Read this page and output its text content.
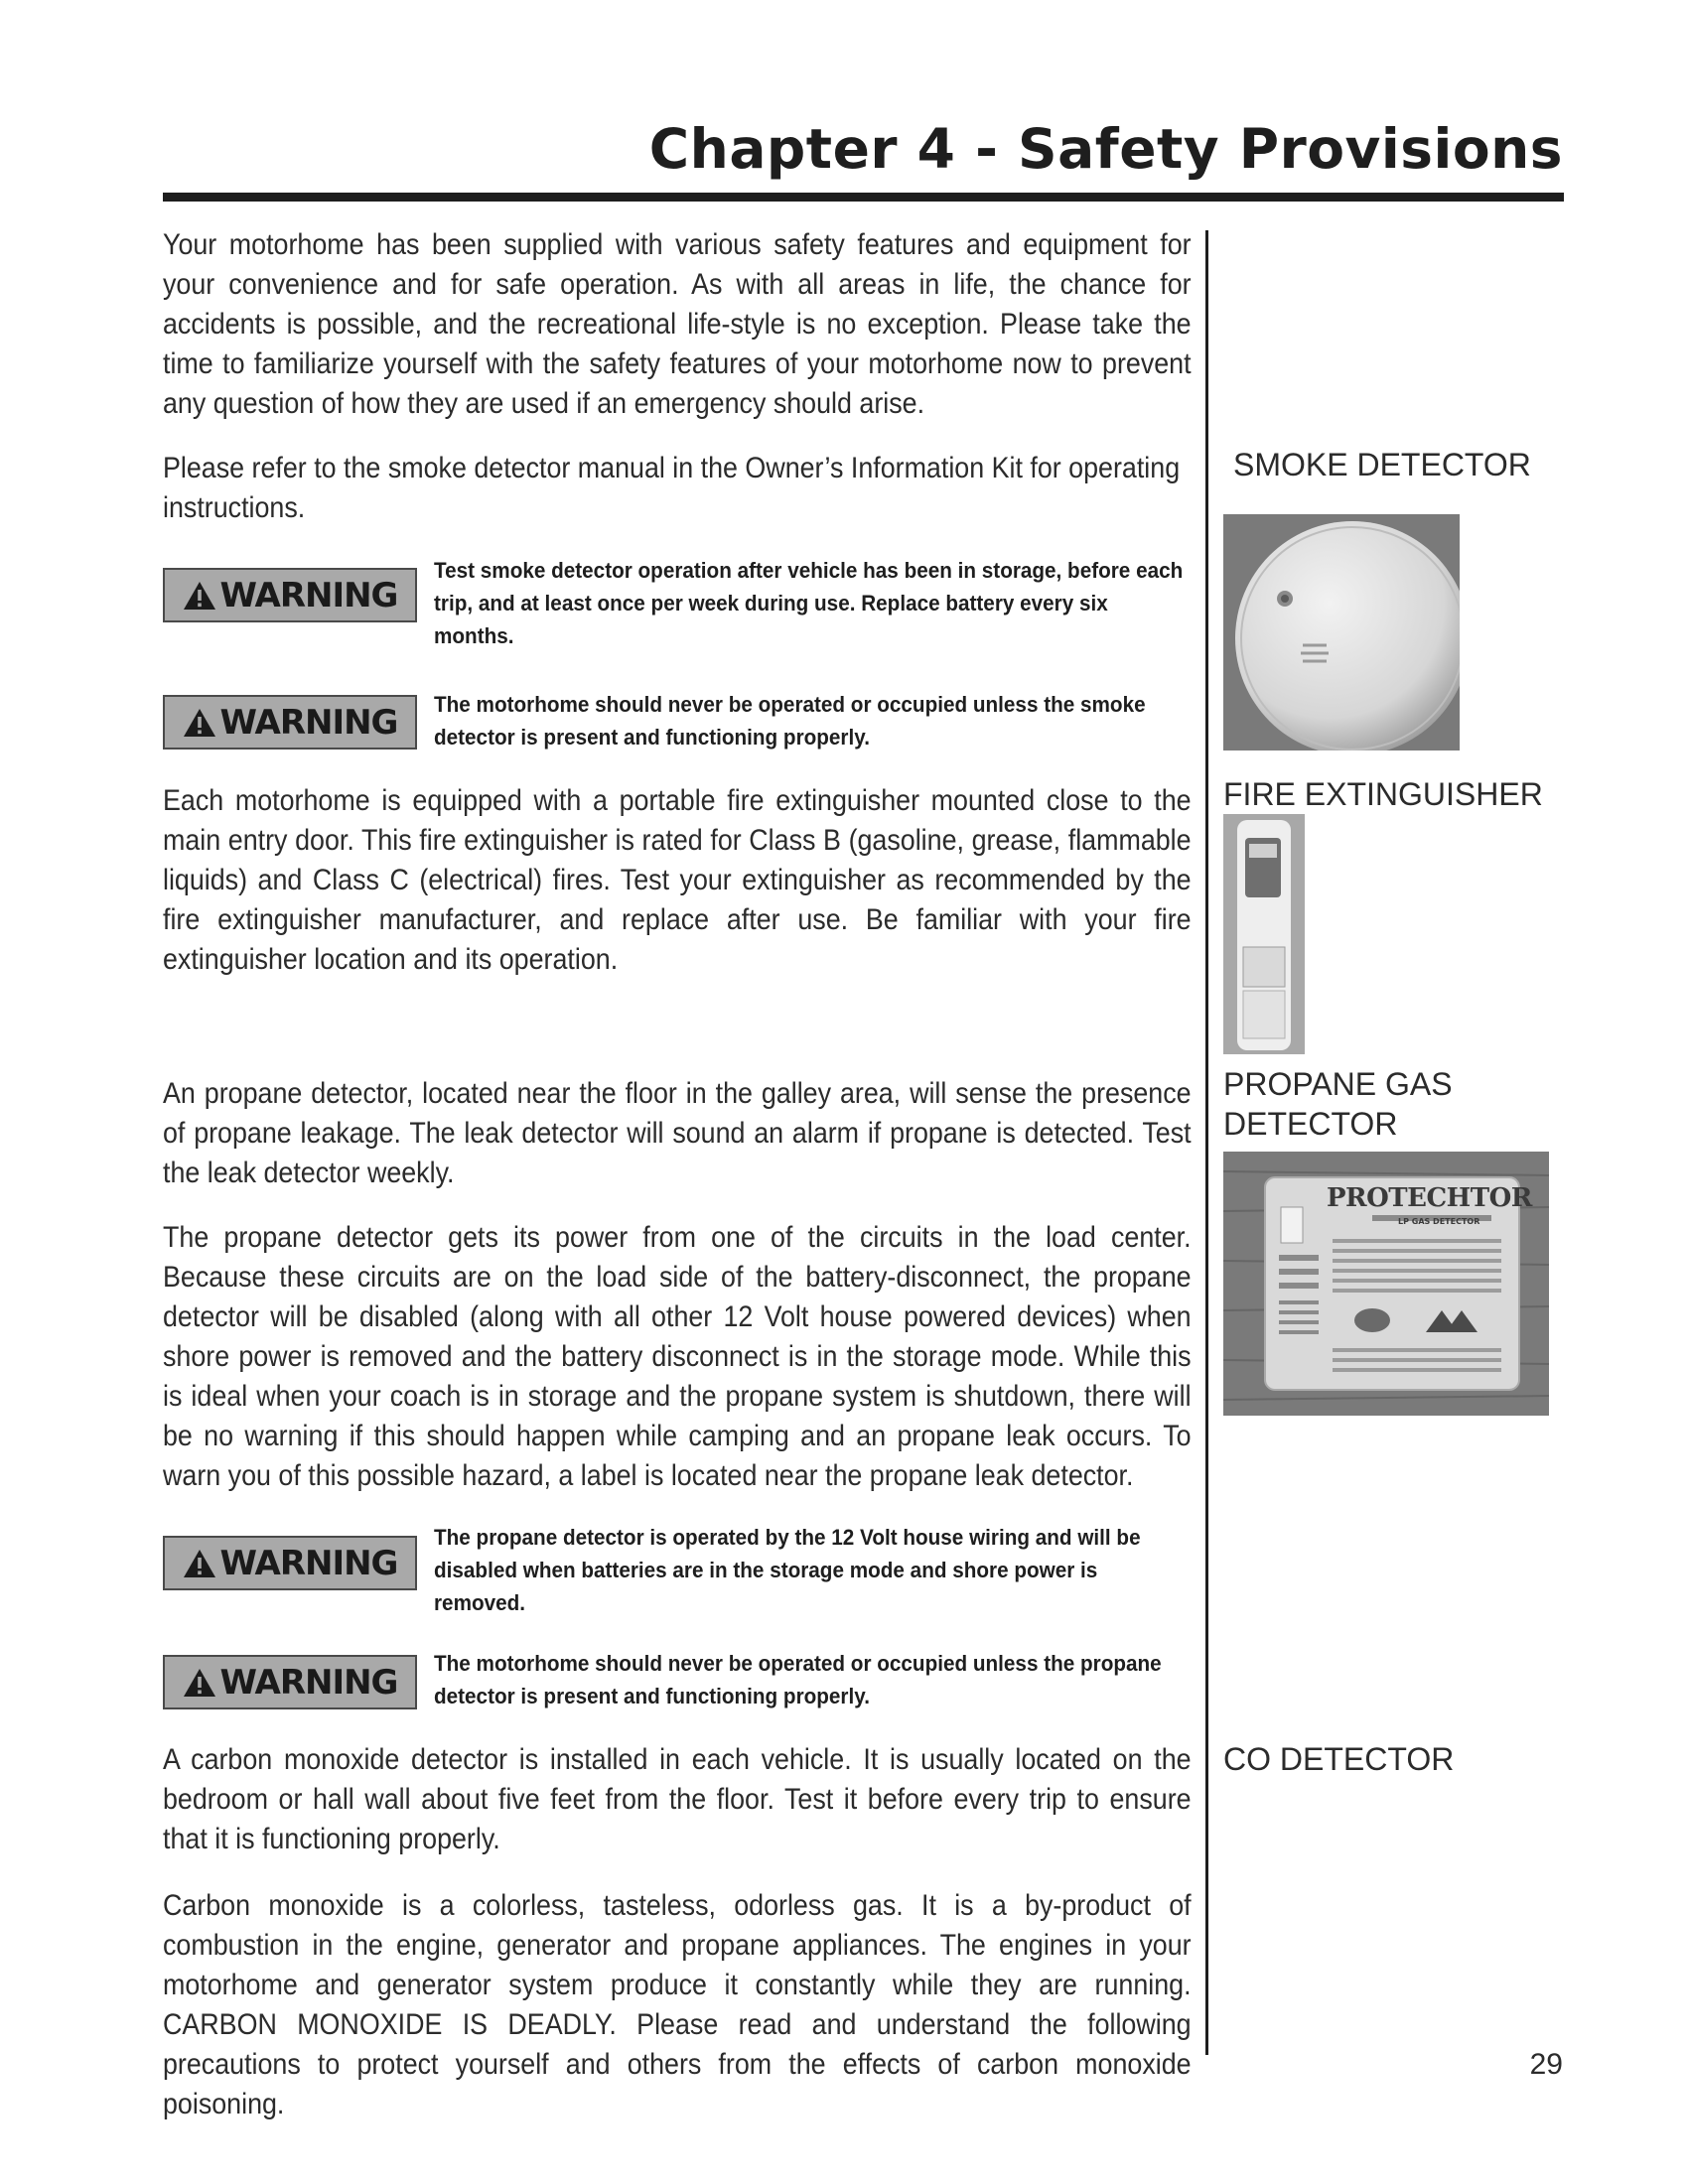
Chapter 4 - Safety Provisions
Your motorhome has been supplied with various safety features and equipment for your convenience and for safe operation. As with all areas in life, the chance for accidents is possible, and the recreational life-style is no exception. Please take the time to familiarize yourself with the safety features of your motorhome now to prevent any question of how they are used if an emergency should arise.
Please refer to the smoke detector manual in the Owner’s Information Kit for operating instructions.
WARNING
Test smoke detector operation after vehicle has been in storage, before each trip, and at least once per week during use. Replace battery every six months.
WARNING The motorhome should never be operated or occupied unless the smoke detector is present and functioning properly.
Each motorhome is equipped with a portable fire extinguisher mounted close to the main entry door. This fire extinguisher is rated for Class B (gasoline, grease, flammable liquids) and Class C (electrical) fires. Test your extinguisher as recommended by the fire extinguisher manufacturer, and replace after use. Be familiar with your fire extinguisher location and its operation.
An propane detector, located near the floor in the galley area, will sense the presence of propane leakage. The leak detector will sound an alarm if propane is detected. Test the leak detector weekly.
The propane detector gets its power from one of the circuits in the load center. Because these circuits are on the load side of the battery-disconnect, the propane detector will be disabled (along with all other 12 Volt house powered devices) when shore power is removed and the battery disconnect is in the storage mode. While this is ideal when your coach is in storage and the propane system is shutdown, there will be no warning if this should happen while camping and an propane leak occurs. To warn you of this possible hazard, a label is located near the propane leak detector.
WARNING
The propane detector is operated by the 12 Volt house wiring and will be disabled when batteries are in the storage mode and shore power is removed.
WARNING The motorhome should never be operated or occupied unless the propane detector is present and functioning properly.
A carbon monoxide detector is installed in each vehicle. It is usually located on the bedroom or hall wall about five feet from the floor. Test it before every trip to ensure that it is functioning properly.
Carbon monoxide is a colorless, tasteless, odorless gas. It is a by-product of combustion in the engine, generator and propane appliances. The engines in your motorhome and generator system produce it constantly while they are running. CARBON MONOXIDE IS DEADLY. Please read and understand the following precautions to protect yourself and others from the effects of carbon monoxide poisoning.
SMOKE DETECTOR
FIRE EXTINGUISHER
PROPANE GAS
DETECTOR
CO DETECTOR
PROTECHTOR
LP GAS DETECTOR
29
